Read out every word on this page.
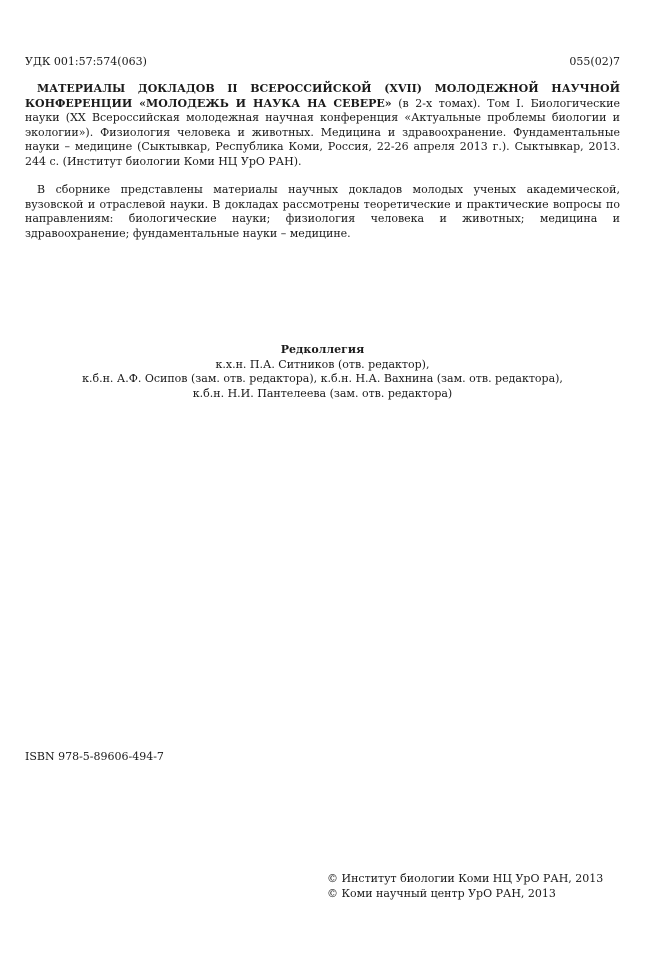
УДК 001:57:574(063)	055(02)7

МАТЕРИАЛЫ ДОКЛАДОВ II ВСЕРОССИЙСКОЙ (XVII) МОЛОДЕЖНОЙ НАУЧНОЙ КОНФЕРЕНЦИИ «МОЛОДЕЖЬ И НАУКА НА СЕВЕРЕ» (в 2-х томах). Том I. Биологические науки (XX Всероссийская молодежная научная конференция «Актуальные проблемы биологии и экологии»). Физиология человека и животных. Медицина и здравоохранение. Фундаментальные науки – медицине (Сыктывкар, Республика Коми, Россия, 22-26 апреля 2013 г.). Сыктывкар, 2013. 244 с. (Институт биологии Коми НЦ УрО РАН).

В сборнике представлены материалы научных докладов молодых ученых академической, вузовской и отраслевой науки. В докладах рассмотрены теоретические и практические вопросы по направлениям: биологические науки; физиология человека и животных; медицина и здравоохранение; фундаментальные науки – медицине.

Редколлегия
к.х.н. П.А. Ситников (отв. редактор),
к.б.н. А.Ф. Осипов (зам. отв. редактора), к.б.н. Н.А. Вахнина (зам. отв. редактора),
к.б.н. Н.И. Пантелеева (зам. отв. редактора)
ISBN 978-5-89606-494-7
© Институт биологии Коми НЦ УрО РАН, 2013
© Коми научный центр УрО РАН, 2013
